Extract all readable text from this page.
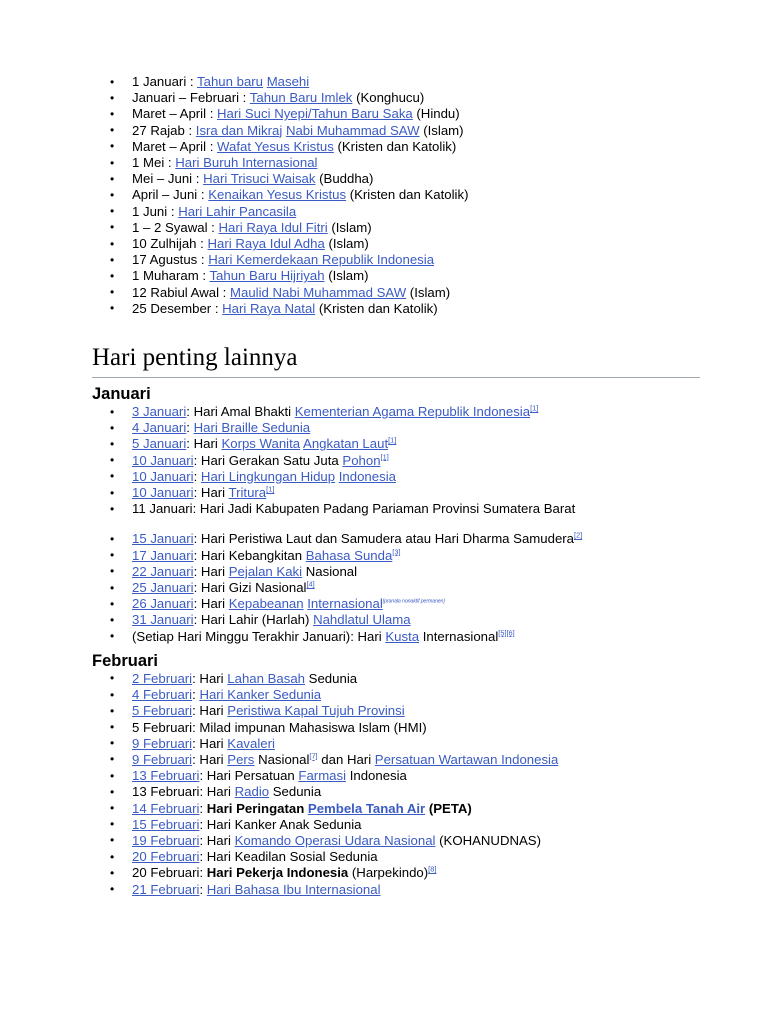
• 1 Januari : Tahun baru Masehi
• Januari – Februari : Tahun Baru Imlek (Konghucu)
• Maret – April : Hari Suci Nyepi/Tahun Baru Saka (Hindu)
• 27 Rajab : Isra dan Mikraj Nabi Muhammad SAW (Islam)
• Maret – April : Wafat Yesus Kristus (Kristen dan Katolik)
• 1 Mei : Hari Buruh Internasional
• Mei – Juni : Hari Trisuci Waisak (Buddha)
• April – Juni : Kenaikan Yesus Kristus (Kristen dan Katolik)
• 1 Juni : Hari Lahir Pancasila
• 1 – 2 Syawal : Hari Raya Idul Fitri (Islam)
• 10 Zulhijah : Hari Raya Idul Adha (Islam)
• 17 Agustus : Hari Kemerdekaan Republik Indonesia
• 1 Muharam : Tahun Baru Hijriyah (Islam)
• 12 Rabiul Awal : Maulid Nabi Muhammad SAW (Islam)
• 25 Desember : Hari Raya Natal (Kristen dan Katolik)
Hari penting lainnya
Januari
• 3 Januari: Hari Amal Bhakti Kementerian Agama Republik Indonesia[1]
• 4 Januari: Hari Braille Sedunia
• 5 Januari: Hari Korps Wanita Angkatan Laut[1]
• 10 Januari: Hari Gerakan Satu Juta Pohon[1]
• 10 Januari: Hari Lingkungan Hidup Indonesia
• 10 Januari: Hari Tritura[1]
• 11 Januari: Hari Jadi Kabupaten Padang Pariaman Provinsi Sumatera Barat
• 15 Januari: Hari Peristiwa Laut dan Samudera atau Hari Dharma Samudera[2]
• 17 Januari: Hari Kebangkitan Bahasa Sunda[3]
• 22 Januari: Hari Pejalan Kaki Nasional
• 25 Januari: Hari Gizi Nasional[4]
• 26 Januari: Hari Kepabeanan Internasional[pranala nonaktif permanen]
• 31 Januari: Hari Lahir (Harlah) Nahdlatul Ulama
• (Setiap Hari Minggu Terakhir Januari): Hari Kusta Internasional[5][6]
Februari
• 2 Februari: Hari Lahan Basah Sedunia
• 4 Februari: Hari Kanker Sedunia
• 5 Februari: Hari Peristiwa Kapal Tujuh Provinsi
• 5 Februari: Milad impunan Mahasiswa Islam (HMI)
• 9 Februari: Hari Kavaleri
• 9 Februari: Hari Pers Nasional[7] dan Hari Persatuan Wartawan Indonesia
• 13 Februari: Hari Persatuan Farmasi Indonesia
• 13 Februari: Hari Radio Sedunia
• 14 Februari: Hari Peringatan Pembela Tanah Air (PETA)
• 15 Februari: Hari Kanker Anak Sedunia
• 19 Februari: Hari Komando Operasi Udara Nasional (KOHANUDNAS)
• 20 Februari: Hari Keadilan Sosial Sedunia
• 20 Februari: Hari Pekerja Indonesia (Harpekindo)[8]
• 21 Februari: Hari Bahasa Ibu Internasional
